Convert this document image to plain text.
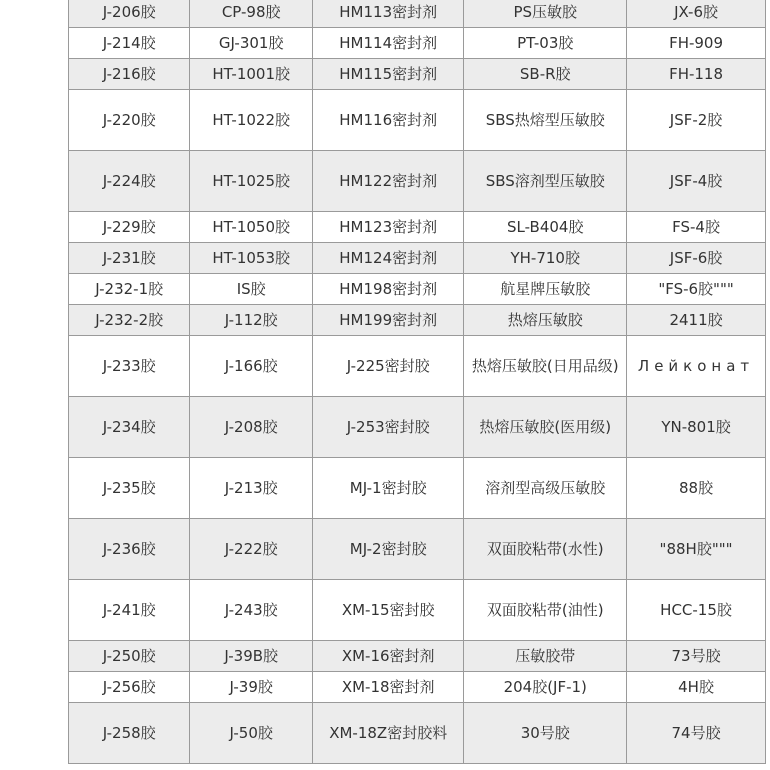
J-206胶	CP-98胶	HM113密封剂	PS压敏胶	JX-6胶
J-214胶	GJ-301胶	HM114密封剂	PT-03胶	FH-909
J-216胶	HT-1001胶	HM115密封剂	SB-R胶	FH-118
J-220胶	HT-1022胶	HM116密封剂	SBS热熔型压敏胶	JSF-2胶
J-224胶	HT-1025胶	HM122密封剂	SBS溶剂型压敏胶	JSF-4胶
J-229胶	HT-1050胶	HM123密封剂	SL-B404胶	FS-4胶
J-231胶	HT-1053胶	HM124密封剂	YH-710胶	JSF-6胶
J-232-1胶	IS胶	HM198密封剂	航星牌压敏胶	"FS-6胶"""
J-232-2胶	J-112胶	HM199密封剂	热熔压敏胶	2411胶
J-233胶	J-166胶	J-225密封胶	热熔压敏胶(日用品级)	Лейконат
J-234胶	J-208胶	J-253密封胶	热熔压敏胶(医用级)	YN-801胶
J-235胶	J-213胶	MJ-1密封胶	溶剂型高级压敏胶	88胶
J-236胶	J-222胶	MJ-2密封胶	双面胶粘带(水性)	"88H胶"""
J-241胶	J-243胶	XM-15密封胶	双面胶粘带(油性)	HCC-15胶
J-250胶	J-39B胶	XM-16密封剂	压敏胶带	73号胶
J-256胶	J-39胶	XM-18密封剂	204胶(JF-1)	4H胶
J-258胶	J-50胶	XM-18Z密封胶料	30号胶	74号胶
